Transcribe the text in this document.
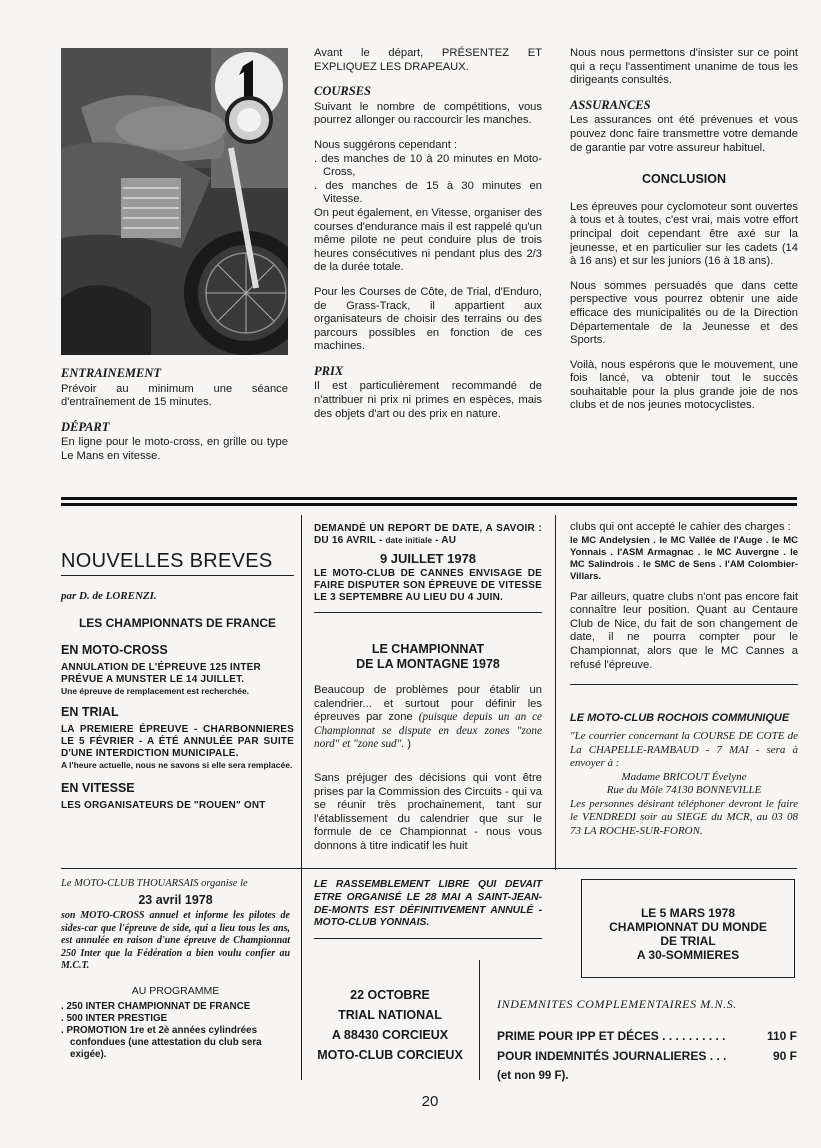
ENTRAINEMENT
Prévoir au minimum une séance d'entraînement de 15 minutes.
DÉPART
En ligne pour le moto-cross, en grille ou type Le Mans en vitesse.
Avant le départ, PRÉSENTEZ ET EXPLIQUEZ LES DRAPEAUX.
COURSES
Suivant le nombre de compétitions, vous pourrez allonger ou raccourcir les manches.
Nous suggérons cependant :
. des manches de 10 à 20 minutes en Moto-Cross,
. des manches de 15 à 30 minutes en Vitesse.
On peut également, en Vitesse, organiser des courses d'endurance mais il est rappelé qu'un même pilote ne peut conduire plus de trois heures consécutives ni pendant plus des 2/3 de la durée totale.
Pour les Courses de Côte, de Trial, d'Enduro, de Grass-Track, il appartient aux organisateurs de choisir des terrains ou des parcours possibles en fonction de ces machines.
PRIX
Il est particulièrement recommandé de n'attribuer ni prix ni primes en espèces, mais des objets d'art ou des prix en nature.
Nous nous permettons d'insister sur ce point qui a reçu l'assentiment unanime de tous les dirigeants consultés.
ASSURANCES
Les assurances ont été prévenues et vous pouvez donc faire transmettre votre demande de garantie par votre assureur habituel.
CONCLUSION
Les épreuves pour cyclomoteur sont ouvertes à tous et à toutes, c'est vrai, mais votre effort principal doit cependant être axé sur la jeunesse, et en particulier sur les cadets (14 à 16 ans) et sur les juniors (16 à 18 ans).
Nous sommes persuadés que dans cette perspective vous pourrez obtenir une aide efficace des municipalités ou de la Direction Départementale de la Jeunesse et des Sports.
Voilà, nous espérons que le mouvement, une fois lancé, va obtenir tout le succès souhaitable pour la plus grande joie de nos clubs et de nos jeunes motocyclistes.
NOUVELLES BREVES
par D. de LORENZI.
LES CHAMPIONNATS DE FRANCE
EN MOTO-CROSS
ANNULATION DE L'ÉPREUVE 125 INTER PRÉVUE A MUNSTER LE 14 JUILLET.
Une épreuve de remplacement est recherchée.
EN TRIAL
LA PREMIERE ÉPREUVE - CHARBONNIERES LE 5 FÉVRIER - A ÉTÉ ANNULÉE PAR SUITE D'UNE INTERDICTION MUNICIPALE.
A l'heure actuelle, nous ne savons si elle sera remplacée.
EN VITESSE
LES ORGANISATEURS DE "ROUEN" ONT
DEMANDÉ UN REPORT DE DATE, A SAVOIR : DU 16 AVRIL - date initiale - AU
9 JUILLET 1978
LE MOTO-CLUB DE CANNES ENVISAGE DE FAIRE DISPUTER SON ÉPREUVE DE VITESSE LE 3 SEPTEMBRE AU LIEU DU 4 JUIN.
LE CHAMPIONNAT
DE LA MONTAGNE 1978
Beaucoup de problèmes pour établir un calendrier... et surtout pour définir les épreuves par zone (puisque depuis un an ce Championnat se dispute en deux zones "zone nord" et "zone sud". )
Sans préjuger des décisions qui vont être prises par la Commission des Circuits - qui va se réunir très prochainement, tant sur l'établissement du calendrier que sur le formule de ce Championnat - nous vous donnons à titre indicatif les huit
clubs qui ont accepté le cahier des charges :
le MC Andelysien . le MC Vallée de l'Auge . le MC Yonnais . l'ASM Armagnac . le MC Auvergne . le MC Salindrois . le SMC de Sens . l'AM Colombier-Villars.
Par ailleurs, quatre clubs n'ont pas encore fait connaître leur position. Quant au Centaure Club de Nice, du fait de son changement de date, il ne pourra compter pour le Championnat, alors que le MC Cannes a refusé l'épreuve.
LE MOTO-CLUB ROCHOIS COMMUNIQUE
"Le courrier concernant la COURSE DE COTE de La CHAPELLE-RAMBAUD - 7 MAI - sera à envoyer à :
Madame BRICOUT Évelyne
Rue du Môle 74130 BONNEVILLE
Les personnes désirant téléphoner devront le faire le VENDREDI soir au SIEGE du MCR, au 03 08 73 LA ROCHE-SUR-FORON.
Le MOTO-CLUB THOUARSAIS organise le
23 avril 1978
son MOTO-CROSS annuel et informe les pilotes de sides-car que l'épreuve de side, qui a lieu tous les ans, est annulée en raison d'une épreuve de Championnat 250 Inter que la Fédération a bien voulu confier au M.C.T.
AU PROGRAMME
. 250 INTER CHAMPIONNAT DE FRANCE
. 500 INTER PRESTIGE
. PROMOTION 1re et 2è années cylindrées confondues (une attestation du club sera exigée).
LE RASSEMBLEMENT LIBRE QUI DEVAIT ETRE ORGANISÉ LE 28 MAI A SAINT-JEAN-DE-MONTS EST DÉFINITIVEMENT ANNULÉ - MOTO-CLUB YONNAIS.
22 OCTOBRE
TRIAL NATIONAL
A 88430 CORCIEUX
MOTO-CLUB CORCIEUX
LE 5 MARS 1978
CHAMPIONNAT DU MONDE
DE TRIAL
A 30-SOMMIERES
INDEMNITES COMPLEMENTAIRES M.N.S.
PRIME POUR IPP ET DÉCES . . . . . . . . . .	110 F
POUR INDEMNITÉS JOURNALIERES . . .	90 F
(et non 99 F).
20
